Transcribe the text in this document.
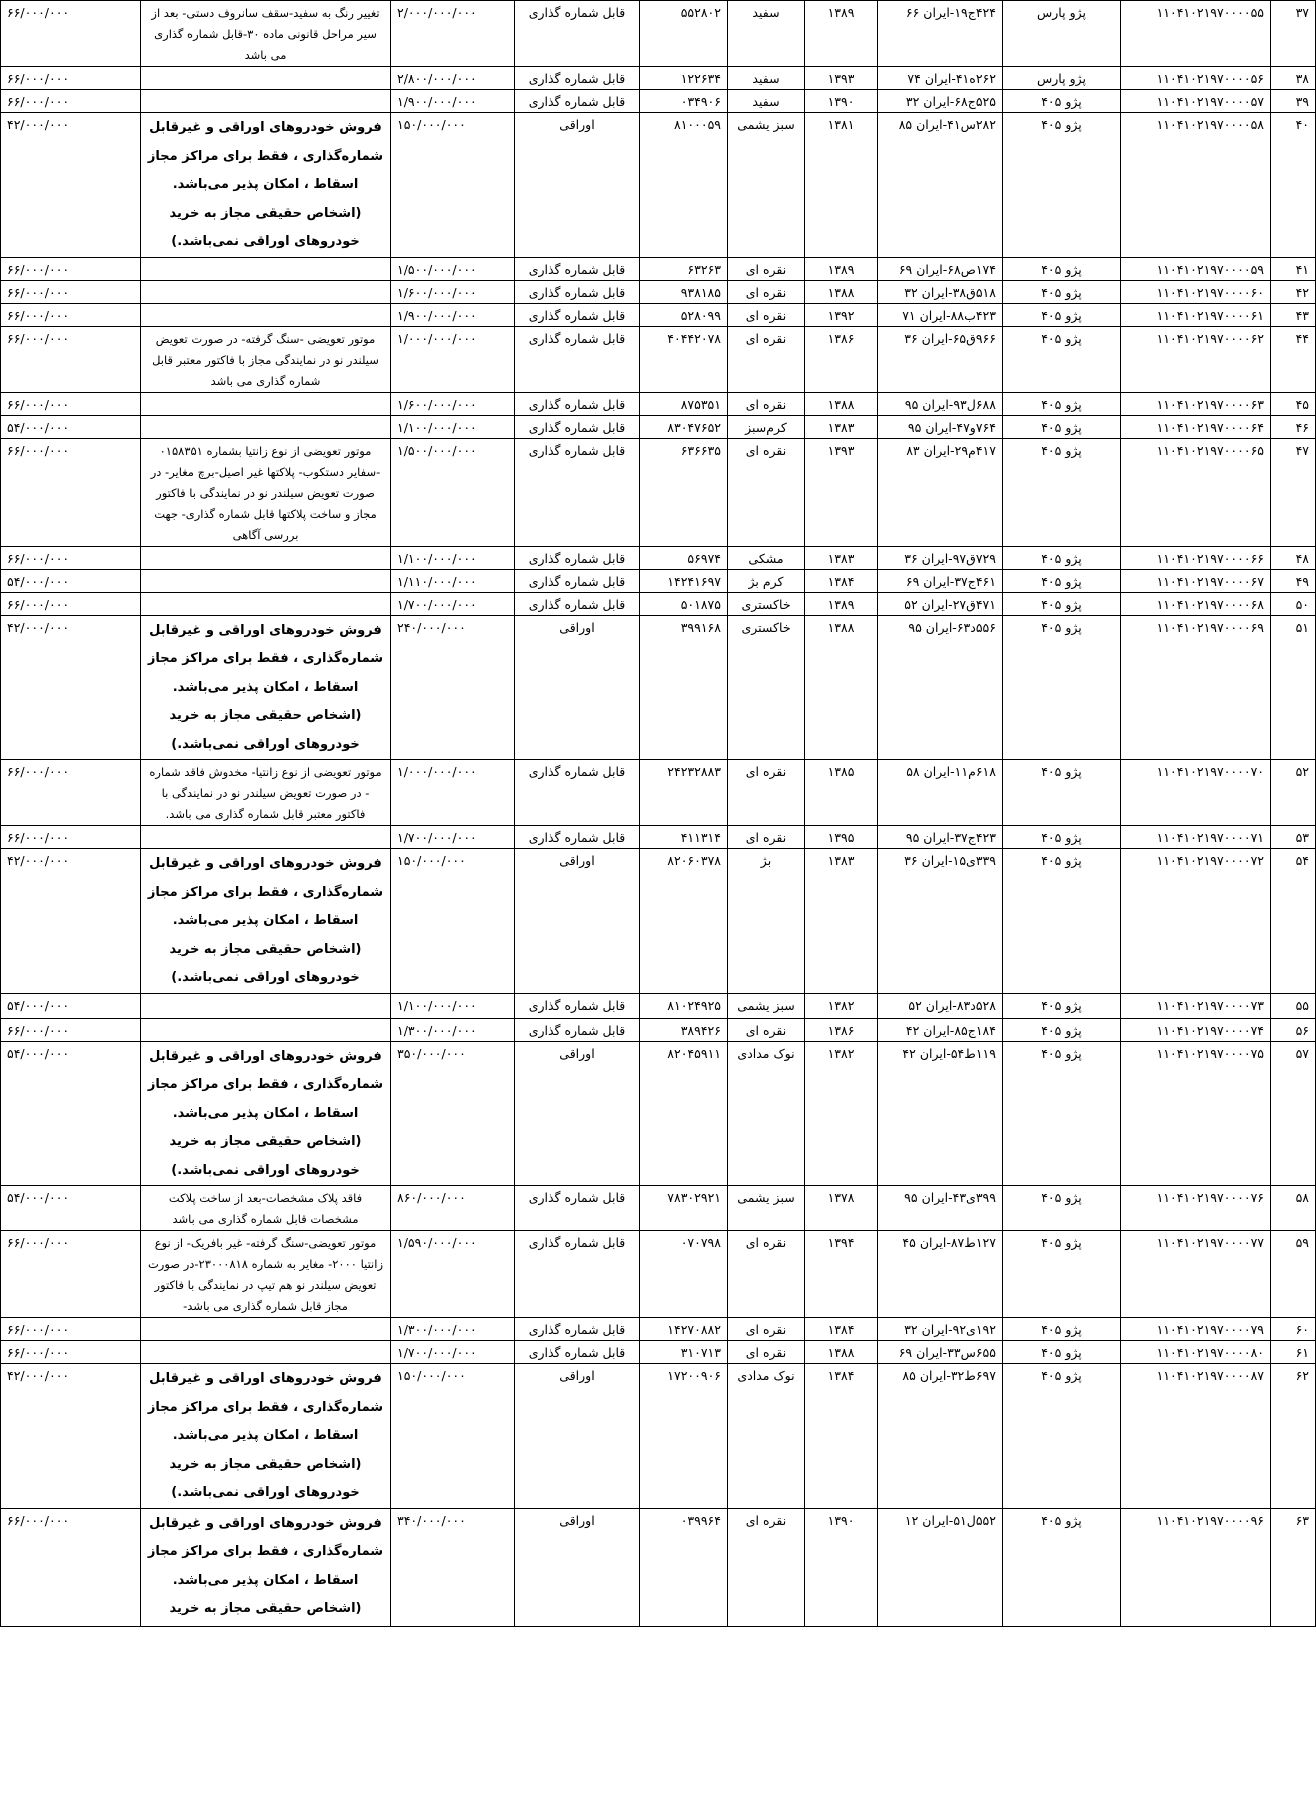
۳۷	۱۱۰۴۱۰۲۱۹۷۰۰۰۰۵۵	پژو پارس	۴۲۴ج۱۹-ایران ۶۶	۱۳۸۹	سفید	۵۵۲۸۰۲	قابل شماره گذاری	۲/۰۰۰/۰۰۰/۰۰۰	تغییر رنگ به سفید-سقف سانروف دستی- بعد از سیر مراحل قانونی ماده ۳۰-قابل شماره گذاری می باشد	۶۶/۰۰۰/۰۰۰
۳۸	۱۱۰۴۱۰۲۱۹۷۰۰۰۰۵۶	پژو پارس	۲۶۲ه۴۱-ایران ۷۴	۱۳۹۳	سفید	۱۲۲۶۳۴	قابل شماره گذاری	۲/۸۰۰/۰۰۰/۰۰۰		۶۶/۰۰۰/۰۰۰
۳۹	۱۱۰۴۱۰۲۱۹۷۰۰۰۰۵۷	پژو ۴۰۵	۵۲۵ج۶۸-ایران ۳۲	۱۳۹۰	سفید	۰۳۴۹۰۶	قابل شماره گذاری	۱/۹۰۰/۰۰۰/۰۰۰		۶۶/۰۰۰/۰۰۰
۴۰	۱۱۰۴۱۰۲۱۹۷۰۰۰۰۵۸	پژو ۴۰۵	۲۸۲س۴۱-ایران ۸۵	۱۳۸۱	سبز یشمی	۸۱۰۰۰۵۹	اوراقی	۱۵۰/۰۰۰/۰۰۰	فروش خودروهای اوراقی و غیرقابل شماره‌گذاری ، فقط برای مراکز مجاز اسقاط ، امکان پذیر می‌باشد. (اشخاص حقیقی مجاز به خرید خودروهای اوراقی نمی‌باشد.)	۴۲/۰۰۰/۰۰۰
۴۱	۱۱۰۴۱۰۲۱۹۷۰۰۰۰۵۹	پژو ۴۰۵	۱۷۴ص۶۸-ایران ۶۹	۱۳۸۹	نقره ای	۶۳۲۶۳	قابل شماره گذاری	۱/۵۰۰/۰۰۰/۰۰۰		۶۶/۰۰۰/۰۰۰
۴۲	۱۱۰۴۱۰۲۱۹۷۰۰۰۰۶۰	پژو ۴۰۵	۵۱۸ق۳۸-ایران ۳۲	۱۳۸۸	نقره ای	۹۳۸۱۸۵	قابل شماره گذاری	۱/۶۰۰/۰۰۰/۰۰۰		۶۶/۰۰۰/۰۰۰
۴۳	۱۱۰۴۱۰۲۱۹۷۰۰۰۰۶۱	پژو ۴۰۵	۴۲۳ب۸۸-ایران ۷۱	۱۳۹۲	نقره ای	۵۲۸۰۹۹	قابل شماره گذاری	۱/۹۰۰/۰۰۰/۰۰۰		۶۶/۰۰۰/۰۰۰
۴۴	۱۱۰۴۱۰۲۱۹۷۰۰۰۰۶۲	پژو ۴۰۵	۹۶۶ق۶۵-ایران ۳۶	۱۳۸۶	نقره ای	۴۰۴۴۲۰۷۸	قابل شماره گذاری	۱/۰۰۰/۰۰۰/۰۰۰	موتور تعویضی -سنگ گرفته- در صورت تعویض سیلندر نو در نمایندگی مجاز با فاکتور معتبر قابل شماره گذاری می باشد	۶۶/۰۰۰/۰۰۰
۴۵	۱۱۰۴۱۰۲۱۹۷۰۰۰۰۶۳	پژو ۴۰۵	۶۸۸ل۹۳-ایران ۹۵	۱۳۸۸	نقره ای	۸۷۵۳۵۱	قابل شماره گذاری	۱/۶۰۰/۰۰۰/۰۰۰		۶۶/۰۰۰/۰۰۰
۴۶	۱۱۰۴۱۰۲۱۹۷۰۰۰۰۶۴	پژو ۴۰۵	۷۶۴و۴۷-ایران ۹۵	۱۳۸۳	کرم‌سبز	۸۳۰۴۷۶۵۲	قابل شماره گذاری	۱/۱۰۰/۰۰۰/۰۰۰		۵۴/۰۰۰/۰۰۰
۴۷	۱۱۰۴۱۰۲۱۹۷۰۰۰۰۶۵	پژو ۴۰۵	۴۱۷م۲۹-ایران ۸۳	۱۳۹۳	نقره ای	۶۳۶۶۳۵	قابل شماره گذاری	۱/۵۰۰/۰۰۰/۰۰۰	موتور تعویضی از نوع زانتیا بشماره ۰۱۵۸۳۵۱ -سفایر دستکوب- پلاکتها غیر اصیل-برچ مغایر- در صورت تعویض سیلندر نو در نمایندگی با فاکتور مجاز و ساخت پلاکتها قابل شماره گذاری- جهت بررسی آگاهی	۶۶/۰۰۰/۰۰۰
۴۸	۱۱۰۴۱۰۲۱۹۷۰۰۰۰۶۶	پژو ۴۰۵	۷۲۹ق۹۷-ایران ۳۶	۱۳۸۳	مشکی	۵۶۹۷۴	قابل شماره گذاری	۱/۱۰۰/۰۰۰/۰۰۰		۶۶/۰۰۰/۰۰۰
۴۹	۱۱۰۴۱۰۲۱۹۷۰۰۰۰۶۷	پژو ۴۰۵	۴۶۱ج۳۷-ایران ۶۹	۱۳۸۴	کرم بژ	۱۴۲۴۱۶۹۷	قابل شماره گذاری	۱/۱۱۰/۰۰۰/۰۰۰		۵۴/۰۰۰/۰۰۰
۵۰	۱۱۰۴۱۰۲۱۹۷۰۰۰۰۶۸	پژو ۴۰۵	۴۷۱ق۲۷-ایران ۵۲	۱۳۸۹	خاکستری	۵۰۱۸۷۵	قابل شماره گذاری	۱/۷۰۰/۰۰۰/۰۰۰		۶۶/۰۰۰/۰۰۰
۵۱	۱۱۰۴۱۰۲۱۹۷۰۰۰۰۶۹	پژو ۴۰۵	۵۵۶د۶۳-ایران ۹۵	۱۳۸۸	خاکستری	۳۹۹۱۶۸	اوراقی	۲۴۰/۰۰۰/۰۰۰	فروش خودروهای اوراقی و غیرقابل شماره‌گذاری ، فقط برای مراکز مجاز اسقاط ، امکان پذیر می‌باشد. (اشخاص حقیقی مجاز به خرید خودروهای اوراقی نمی‌باشد.)	۴۲/۰۰۰/۰۰۰
۵۲	۱۱۰۴۱۰۲۱۹۷۰۰۰۰۷۰	پژو ۴۰۵	۶۱۸م۱۱-ایران ۵۸	۱۳۸۵	نقره ای	۲۴۲۳۲۸۸۳	قابل شماره گذاری	۱/۰۰۰/۰۰۰/۰۰۰	موتور تعویضی از نوع زانتیا- مخدوش فاقد شماره - در صورت تعویض سیلندر نو در نمایندگی با فاکتور معتبر قابل شماره گذاری می باشد.	۶۶/۰۰۰/۰۰۰
۵۳	۱۱۰۴۱۰۲۱۹۷۰۰۰۰۷۱	پژو ۴۰۵	۴۲۳ج۳۷-ایران ۹۵	۱۳۹۵	نقره ای	۴۱۱۳۱۴	قابل شماره گذاری	۱/۷۰۰/۰۰۰/۰۰۰		۶۶/۰۰۰/۰۰۰
۵۴	۱۱۰۴۱۰۲۱۹۷۰۰۰۰۷۲	پژو ۴۰۵	۳۳۹ی۱۵-ایران ۳۶	۱۳۸۳	بژ	۸۲۰۶۰۳۷۸	اوراقی	۱۵۰/۰۰۰/۰۰۰	فروش خودروهای اوراقی و غیرقابل شماره‌گذاری ، فقط برای مراکز مجاز اسقاط ، امکان پذیر می‌باشد. (اشخاص حقیقی مجاز به خرید خودروهای اوراقی نمی‌باشد.)	۴۲/۰۰۰/۰۰۰
۵۵	۱۱۰۴۱۰۲۱۹۷۰۰۰۰۷۳	پژو ۴۰۵	۵۲۸د۸۳-ایران ۵۲	۱۳۸۲	سبز یشمی	۸۱۰۲۴۹۲۵	قابل شماره گذاری	۱/۱۰۰/۰۰۰/۰۰۰		۵۴/۰۰۰/۰۰۰
۵۶	۱۱۰۴۱۰۲۱۹۷۰۰۰۰۷۴	پژو ۴۰۵	۱۸۴ج۸۵-ایران ۴۲	۱۳۸۶	نقره ای	۳۸۹۴۲۶	قابل شماره گذاری	۱/۳۰۰/۰۰۰/۰۰۰		۶۶/۰۰۰/۰۰۰
۵۷	۱۱۰۴۱۰۲۱۹۷۰۰۰۰۷۵	پژو ۴۰۵	۱۱۹ط۵۴-ایران ۴۲	۱۳۸۲	نوک مدادی	۸۲۰۴۵۹۱۱	اوراقی	۳۵۰/۰۰۰/۰۰۰	فروش خودروهای اوراقی و غیرقابل شماره‌گذاری ، فقط برای مراکز مجاز اسقاط ، امکان پذیر می‌باشد. (اشخاص حقیقی مجاز به خرید خودروهای اوراقی نمی‌باشد.)	۵۴/۰۰۰/۰۰۰
۵۸	۱۱۰۴۱۰۲۱۹۷۰۰۰۰۷۶	پژو ۴۰۵	۳۹۹ی۴۳-ایران ۹۵	۱۳۷۸	سبز یشمی	۷۸۳۰۲۹۲۱	قابل شماره گذاری	۸۶۰/۰۰۰/۰۰۰	فاقد پلاک مشخصات-بعد از ساخت پلاکت مشخصات قابل شماره گذاری می باشد	۵۴/۰۰۰/۰۰۰
۵۹	۱۱۰۴۱۰۲۱۹۷۰۰۰۰۷۷	پژو ۴۰۵	۱۲۷ط۸۷-ایران ۴۵	۱۳۹۴	نقره ای	۰۷۰۷۹۸	قابل شماره گذاری	۱/۵۹۰/۰۰۰/۰۰۰	موتور تعویضی-سنگ گرفته- غیر بافریک- از نوع زانتیا ۲۰۰۰- مغایر به شماره ۲۳۰۰۰۸۱۸-در صورت تعویض سیلندر نو هم تیپ در نمایندگی با فاکتور مجاز قابل شماره گذاری می باشد-	۶۶/۰۰۰/۰۰۰
۶۰	۱۱۰۴۱۰۲۱۹۷۰۰۰۰۷۹	پژو ۴۰۵	۱۹۲ی۹۲-ایران ۳۲	۱۳۸۴	نقره ای	۱۴۲۷۰۸۸۲	قابل شماره گذاری	۱/۳۰۰/۰۰۰/۰۰۰		۶۶/۰۰۰/۰۰۰
۶۱	۱۱۰۴۱۰۲۱۹۷۰۰۰۰۸۰	پژو ۴۰۵	۶۵۵س۳۳-ایران ۶۹	۱۳۸۸	نقره ای	۳۱۰۷۱۳	قابل شماره گذاری	۱/۷۰۰/۰۰۰/۰۰۰		۶۶/۰۰۰/۰۰۰
۶۲	۱۱۰۴۱۰۲۱۹۷۰۰۰۰۸۷	پژو ۴۰۵	۶۹۷ط۳۲-ایران ۸۵	۱۳۸۴	نوک مدادی	۱۷۲۰۰۹۰۶	اوراقی	۱۵۰/۰۰۰/۰۰۰	فروش خودروهای اوراقی و غیرقابل شماره‌گذاری ، فقط برای مراکز مجاز اسقاط ، امکان پذیر می‌باشد. (اشخاص حقیقی مجاز به خرید خودروهای اوراقی نمی‌باشد.)	۴۲/۰۰۰/۰۰۰
۶۳	۱۱۰۴۱۰۲۱۹۷۰۰۰۰۹۶	پژو ۴۰۵	۵۵۲ل۵۱-ایران ۱۲	۱۳۹۰	نقره ای	۰۳۹۹۶۴	اوراقی	۳۴۰/۰۰۰/۰۰۰	فروش خودروهای اوراقی و غیرقابل شماره‌گذاری ، فقط برای مراکز مجاز اسقاط ، امکان پذیر می‌باشد. (اشخاص حقیقی مجاز به خرید	۶۶/۰۰۰/۰۰۰
